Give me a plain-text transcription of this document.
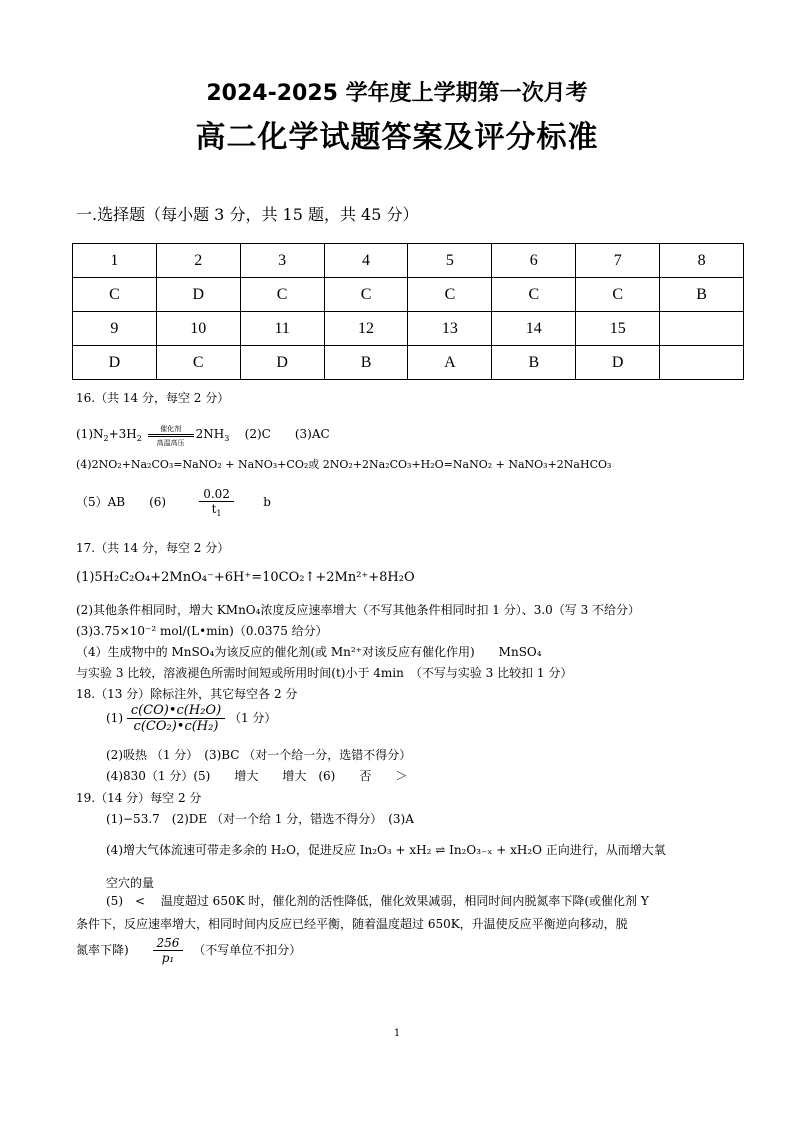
2024-2025 学年度上学期第一次月考
高二化学试题答案及评分标准
一.选择题（每小题 3 分，共 15 题，共 45 分）
1	2	3	4	5	6	7	8
C	D	C	C	C	C	C	B
9	10	11	12	13	14	15	
D	C	D	B	A	B	D	
16.（共 14 分，每空 2 分）
$(1)N_2+3H_2$
催化剂
高温高压
$2NH_3$ (2)C　　(3)AC
(4)2NO₂+Na₂CO₃=NaNO₂ + NaNO₃+CO₂或 2NO₂+2Na₂CO₃+H₂O=NaNO₂ + NaNO₃+2NaHCO₃
（5）AB　　(6)	$\frac{0.02}{t_1}$ b
17.（共 14 分，每空 2 分）
(1)5H₂C₂O₄+2MnO₄⁻+6H⁺=10CO₂↑+2Mn²⁺+8H₂O
(2)其他条件相同时，增大 KMnO₄浓度反应速率增大（不写其他条件相同时扣 1 分）、3.0（写 3 不给分）
(3)3.75×10⁻² mol/(L•min)（0.0375 给分）
（4）生成物中的 MnSO₄为该反应的催化剂(或 Mn²⁺对该反应有催化作用)　　MnSO₄
与实验 3 比较，溶液褪色所需时间短或所用时间(t)小于 4min　（不写与实验 3 比较扣 1 分）
18.（13 分）除标注外，其它每空各 2 分
$(1) \frac{\text{c(CO)•c(H₂O)}}{\text{c(CO₂)•c(H₂)}} (1$ 分）
(2)吸热 （1 分）　(3)BC （对一个给一分，选错不得分）
(4)830（1 分）(5)　　增大　　增大　(6)　　否　　＞
19.（14 分）每空 2 分
(1)−53.7　(2)DE （对一个给 1 分，错选不得分）　(3)A
(4)增大气体流速可带走多余的 H₂O，促进反应 In₂O₃ + xH₂ ⇌ In₂O₃₋ₓ + xH₂O 正向进行，从而增大氧
空穴的量
(5)　<　 温度超过 650K 时，催化剂的活性降低，催化效果减弱，相同时间内脱氮率下降(或催化剂 Y
条件下，反应速率增大，相同时间内反应已经平衡，随着温度超过 650K，升温使反应平衡逆向移动，脱
氮率下降) $\frac{256}{\text{p₁}}$ （不写单位不扣分）
1
